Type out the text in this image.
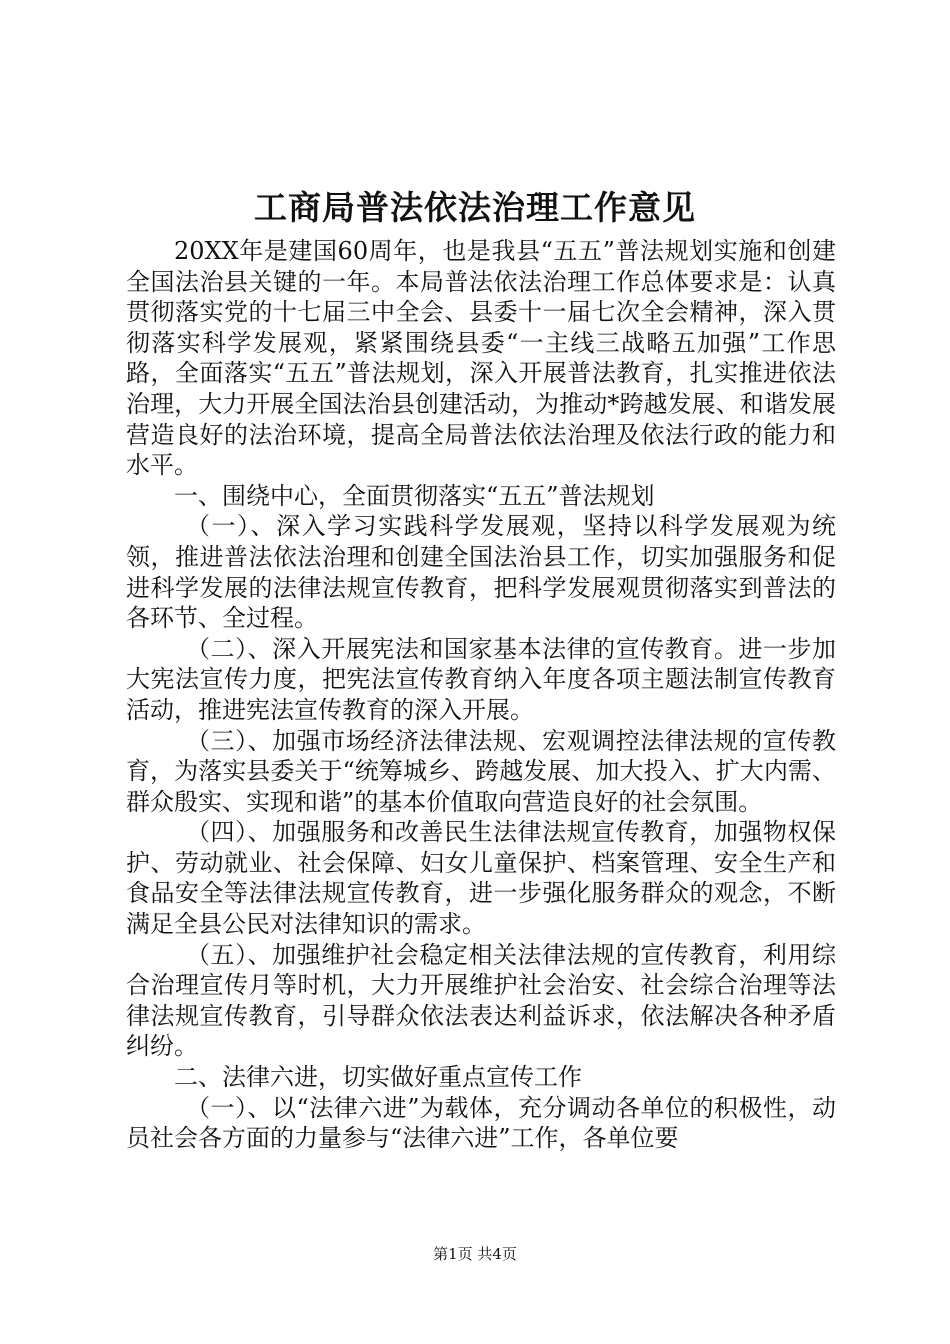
工商局普法依法治理工作意见

20XX年是建国60周年，也是我县“五五”普法规划实施和创建全国法治县关键的一年。本局普法依法治理工作总体要求是：认真贯彻落实党的十七届三中全会、县委十一届七次全会精神，深入贯彻落实科学发展观，紧紧围绕县委“一主线三战略五加强”工作思路，全面落实“五五”普法规划，深入开展普法教育，扎实推进依法治理，大力开展全国法治县创建活动，为推动*跨越发展、和谐发展营造良好的法治环境，提高全局普法依法治理及依法行政的能力和水平。

一、围绕中心，全面贯彻落实“五五”普法规划

（一）、深入学习实践科学发展观，坚持以科学发展观为统领，推进普法依法治理和创建全国法治县工作，切实加强服务和促进科学发展的法律法规宣传教育，把科学发展观贯彻落实到普法的各环节、全过程。

（二）、深入开展宪法和国家基本法律的宣传教育。进一步加大宪法宣传力度，把宪法宣传教育纳入年度各项主题法制宣传教育活动，推进宪法宣传教育的深入开展。

（三）、加强市场经济法律法规、宏观调控法律法规的宣传教育，为落实县委关于“统筹城乡、跨越发展、加大投入、扩大内需、群众殷实、实现和谐”的基本价值取向营造良好的社会氛围。

（四）、加强服务和改善民生法律法规宣传教育，加强物权保护、劳动就业、社会保障、妇女儿童保护、档案管理、安全生产和食品安全等法律法规宣传教育，进一步强化服务群众的观念，不断满足全县公民对法律知识的需求。

（五）、加强维护社会稳定相关法律法规的宣传教育，利用综合治理宣传月等时机，大力开展维护社会治安、社会综合治理等法律法规宣传教育，引导群众依法表达利益诉求，依法解决各种矛盾纠纷。

二、法律六进，切实做好重点宣传工作

（一）、以“法律六进”为载体，充分调动各单位的积极性，动员社会各方面的力量参与“法律六进”工作，各单位要

第1页 共4页
